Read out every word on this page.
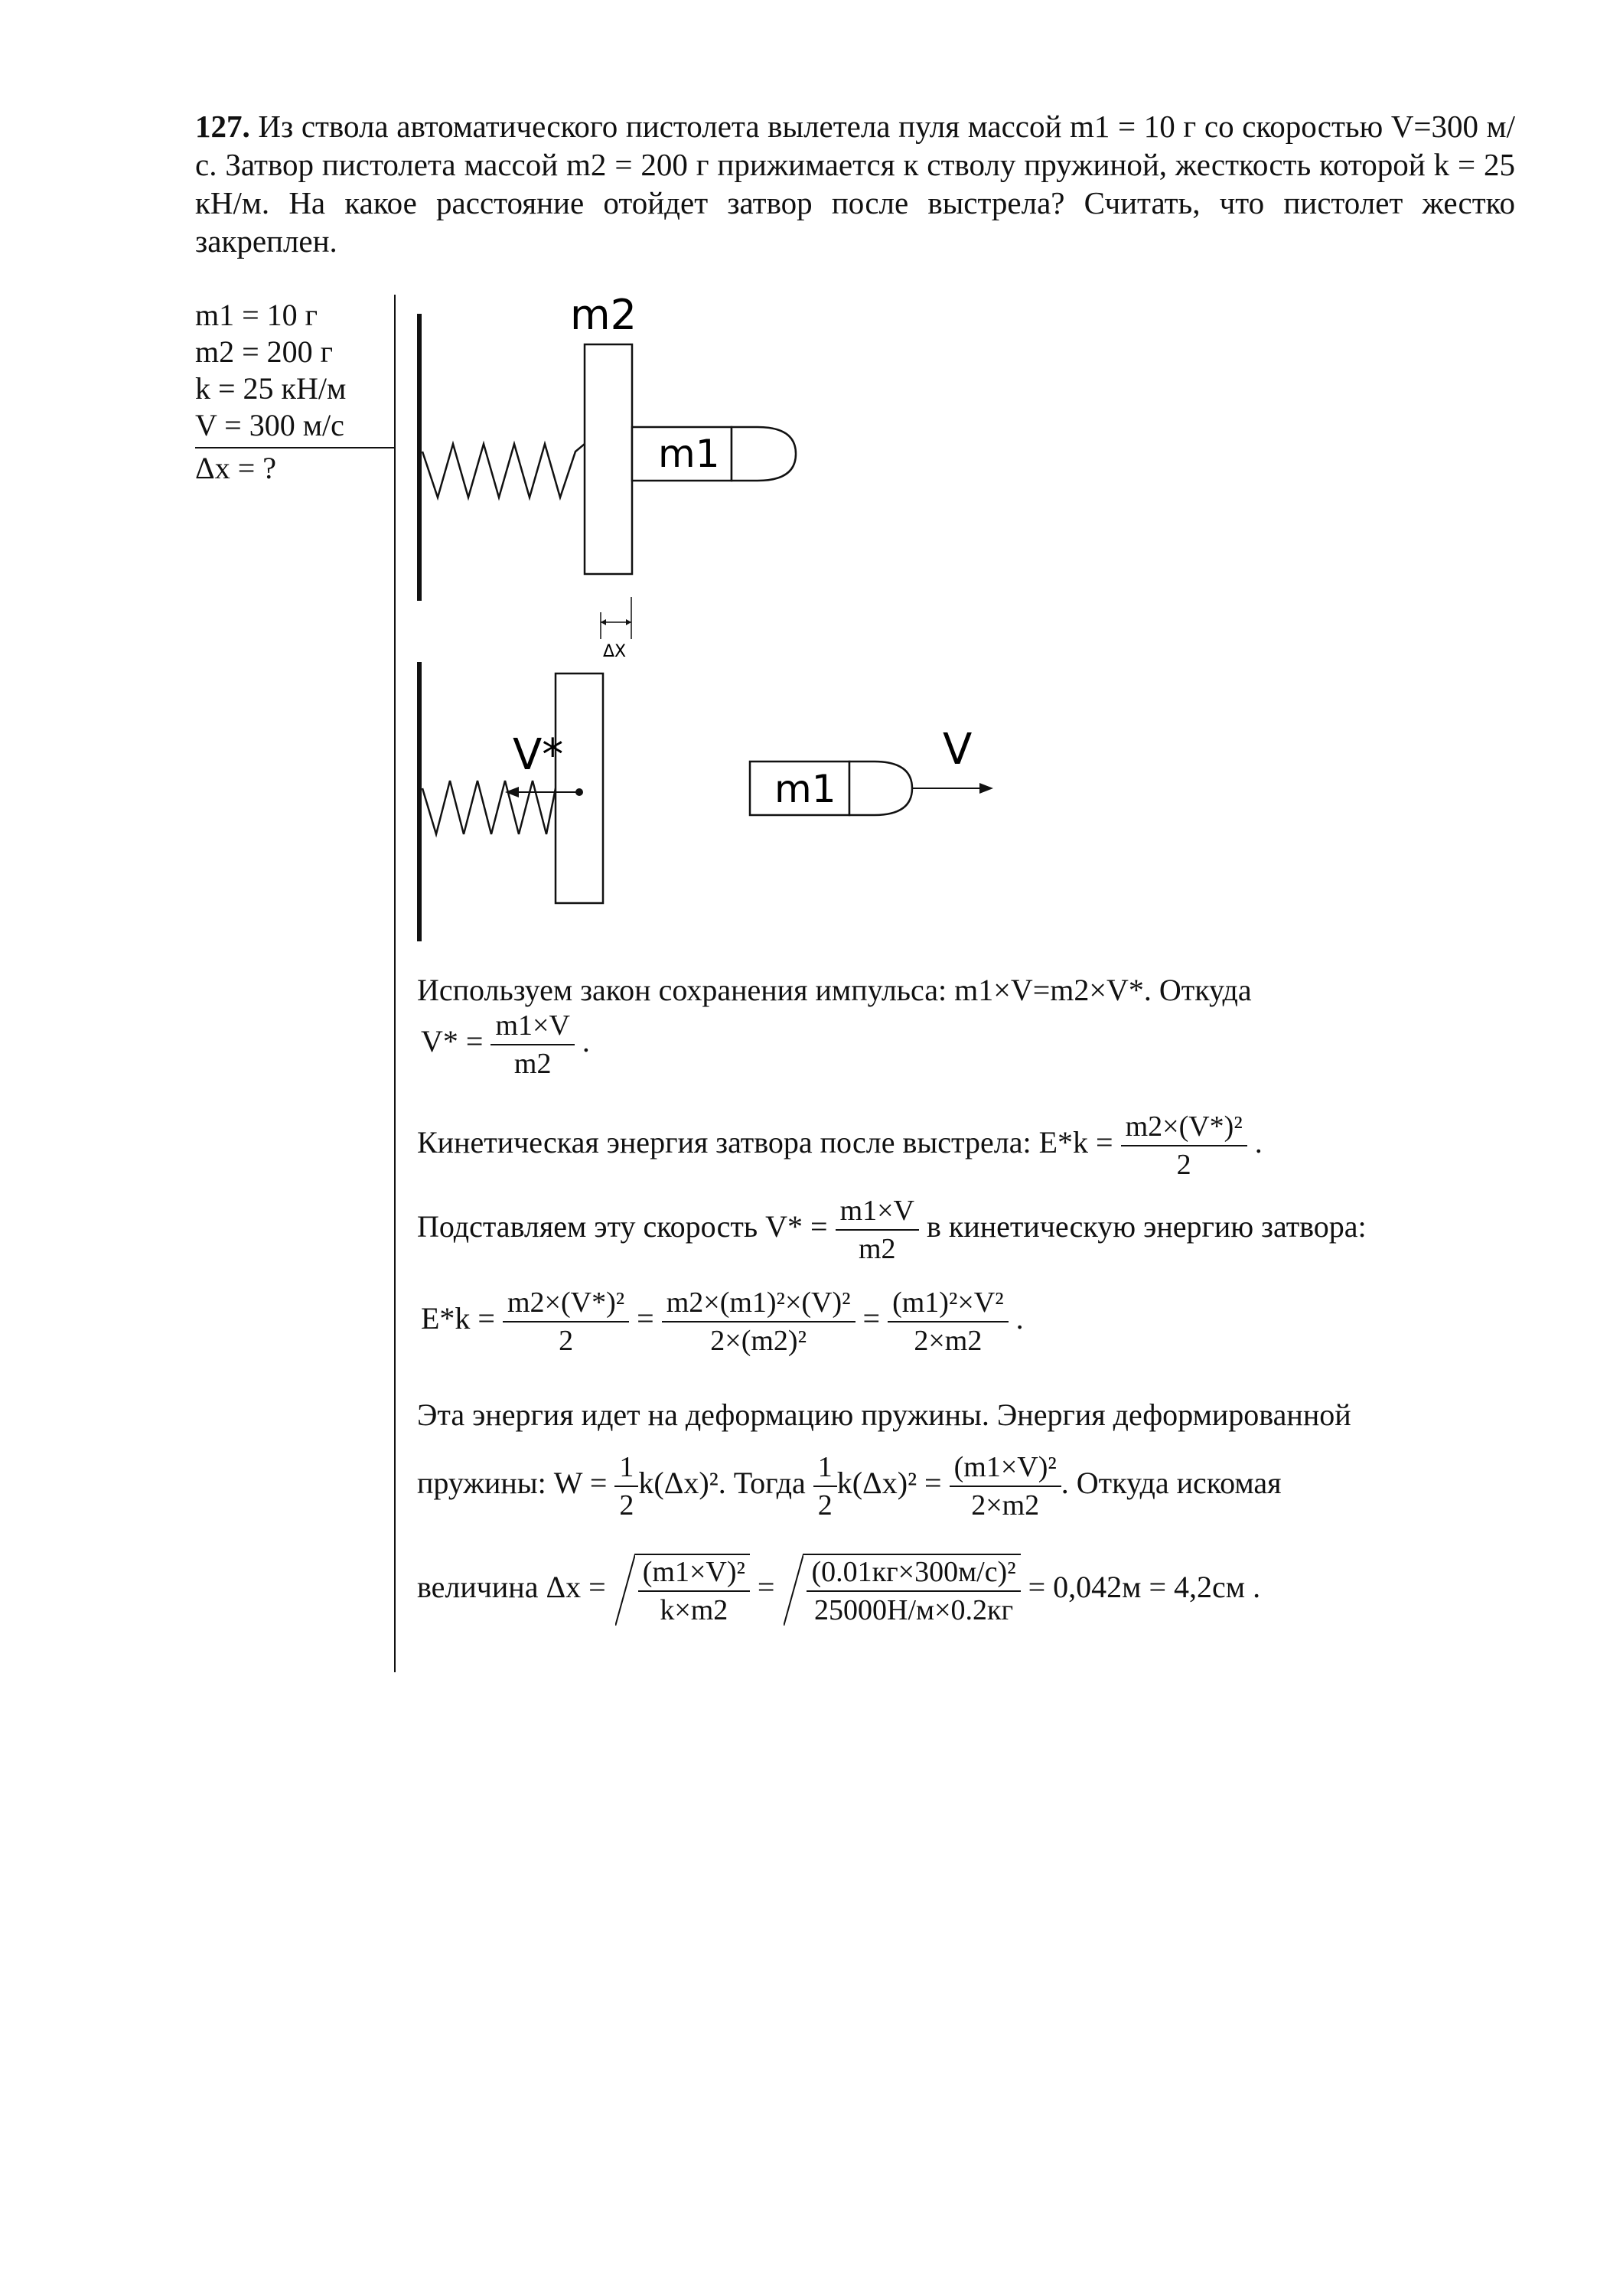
127. Из ствола автоматического пистолета вылетела пуля массой m1 = 10 г со скоростью V=300 м/с. Затвор пистолета массой m2 = 200 г прижимается к стволу пружиной, жесткость которой k = 25 кН/м. На какое расстояние отойдет затвор после выстрела? Считать, что пистолет жестко закреплен.
m1 = 10 г
m2 = 200 г
k = 25 кН/м
V = 300 м/с
Δx = ?
m2
m1
ΔX
V*
m1
V
Используем закон сохранения импульса: m1×V=m2×V*. Откуда
$V* = \frac{m1\times V}{m2}$ .
Кинетическая энергия затвора после выстрела: $E*k = \frac{\text{m2×(V*)²}}{2}$ .
Подставляем эту скорость $V* = \frac{m1\times V}{m2}$ в кинетическую энергию затвора:
$E*k = \frac{\text{m2×(V*)²}}{2} = \frac{\text{m2×(m1)²×(V)²}}{\text{2×(m2)²}} = \frac{\text{(m1)²×V²}}{2\times m2}$ .
Эта энергия идет на деформацию пружины. Энергия деформированной
пружины: $W = \frac{1}{2} k(\Delta x)^2$. Тогда $\frac{1}{2} k(\Delta x)^2 = \frac{\text{(m1×V)²}}{2\times m2}$ . Откуда искомая
величина $\Delta x = \frac{\text{(m1×V)²}}{k\times m2} = \frac{\text{(0.01кг×300м/с)²}}{25000Н/м\times 0.2кг} = 0,042м = 4,2см$ .
